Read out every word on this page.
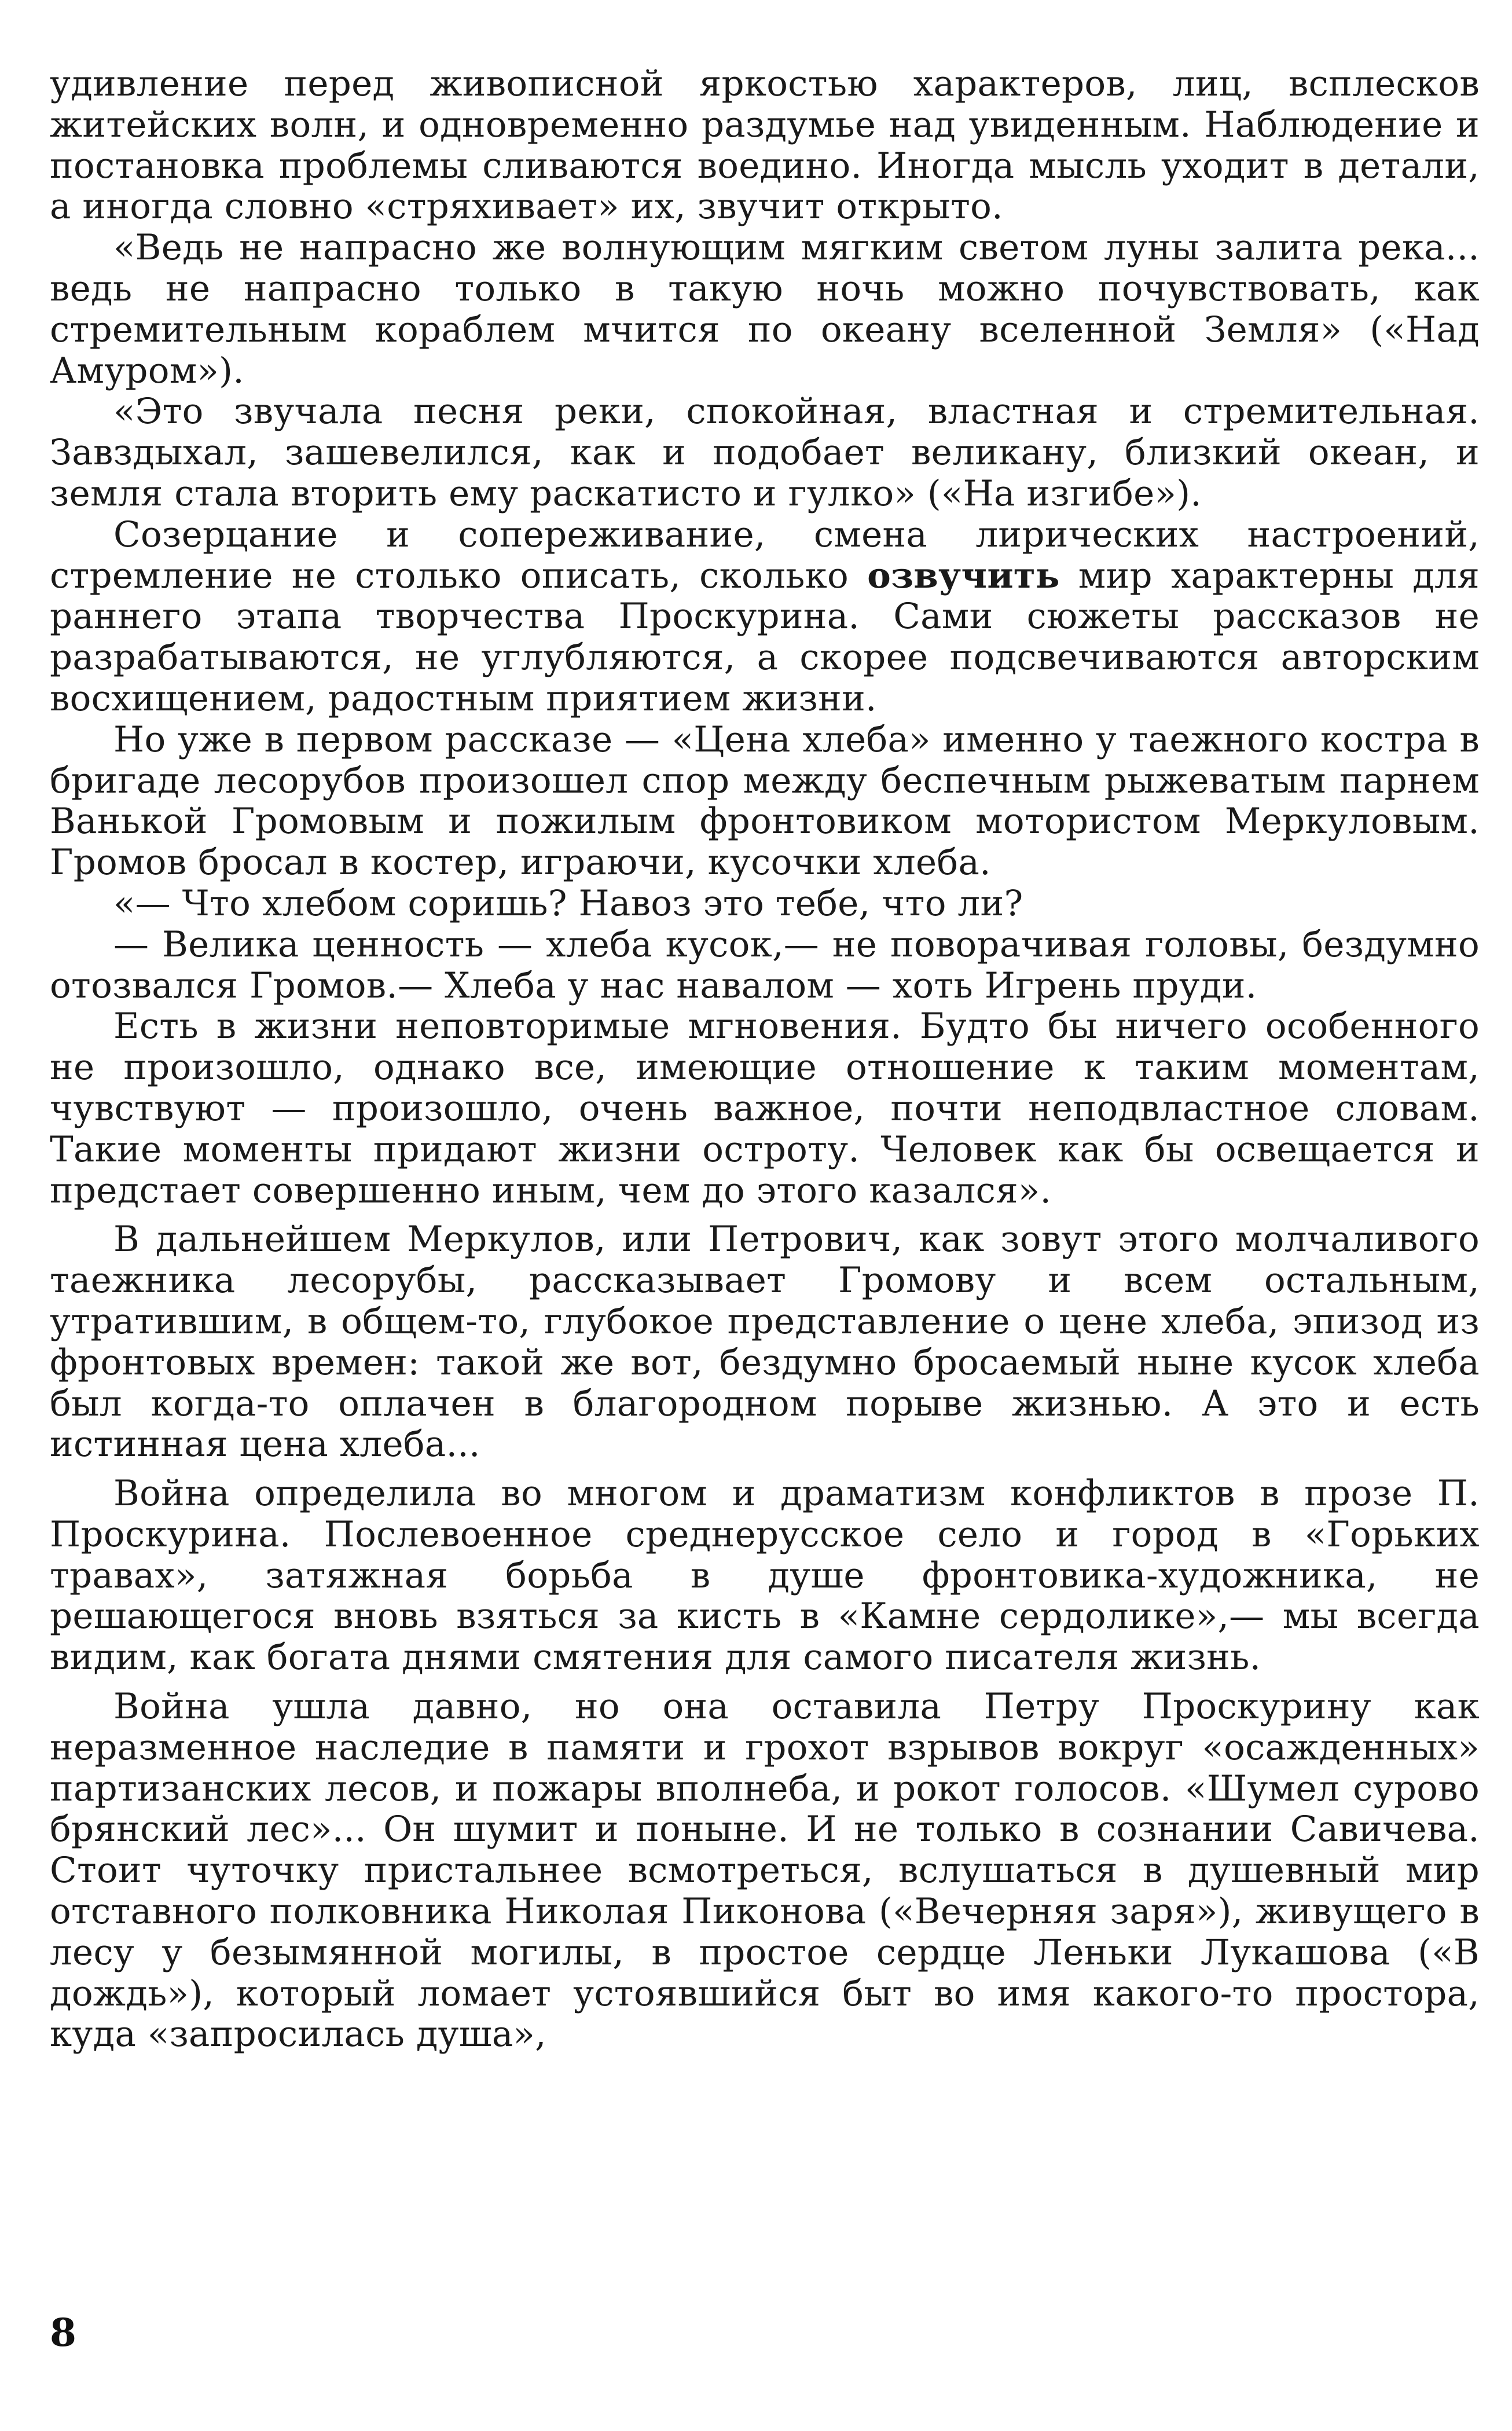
удивление перед живописной яркостью характеров, лиц, всплесков житейских волн, и одновременно раздумье над увиденным. Наблюдение и постановка проблемы сливаются воедино. Иногда мысль уходит в детали, а иногда словно «стряхивает» их, звучит открыто.

«Ведь не напрасно же волнующим мягким светом луны залита река... ведь не напрасно только в такую ночь можно почувствовать, как стремительным кораблем мчится по океану вселенной Земля» («Над Амуром»).

«Это звучала песня реки, спокойная, властная и стремительная. Завздыхал, зашевелился, как и подобает великану, близкий океан, и земля стала вторить ему раскатисто и гулко» («На изгибе»).

Созерцание и сопереживание, смена лирических настроений, стремление не столько описать, сколько озвучить мир характерны для раннего этапа творчества Проскурина. Сами сюжеты рассказов не разрабатываются, не углубляются, а скорее подсвечиваются авторским восхищением, радостным приятием жизни.

Но уже в первом рассказе — «Цена хлеба» именно у таежного костра в бригаде лесорубов произошел спор между беспечным рыжеватым парнем Ванькой Громовым и пожилым фронтовиком мотористом Меркуловым. Громов бросал в костер, играючи, кусочки хлеба.

«— Что хлебом соришь? Навоз это тебе, что ли?

— Велика ценность — хлеба кусок,— не поворачивая головы, бездумно отозвался Громов.— Хлеба у нас навалом — хоть Игрень пруди.

Есть в жизни неповторимые мгновения. Будто бы ничего особенного не произошло, однако все, имеющие отношение к таким моментам, чувствуют — произошло, очень важное, почти неподвластное словам. Такие моменты придают жизни остроту. Человек как бы освещается и предстает совершенно иным, чем до этого казался».

В дальнейшем Меркулов, или Петрович, как зовут этого молчаливого таежника лесорубы, рассказывает Громову и всем остальным, утратившим, в общем-то, глубокое представление о цене хлеба, эпизод из фронтовых времен: такой же вот, бездумно бросаемый ныне кусок хлеба был когда-то оплачен в благородном порыве жизнью. А это и есть истинная цена хлеба...

Война определила во многом и драматизм конфликтов в прозе П. Проскурина. Послевоенное среднерусское село и город в «Горьких травах», затяжная борьба в душе фронтовика-художника, не решающегося вновь взяться за кисть в «Камне сердолике»,— мы всегда видим, как богата днями смятения для самого писателя жизнь.

Война ушла давно, но она оставила Петру Проскурину как неразменное наследие в памяти и грохот взрывов вокруг «осажденных» партизанских лесов, и пожары вполнеба, и рокот голосов. «Шумел сурово брянский лес»... Он шумит и поныне. И не только в сознании Савичева. Стоит чуточку пристальнее всмотреться, вслушаться в душевный мир отставного полковника Николая Пиконова («Вечерняя заря»), живущего в лесу у безымянной могилы, в простое сердце Леньки Лукашова («В дождь»), который ломает устоявшийся быт во имя какого-то простора, куда «запросилась душа»,

8
